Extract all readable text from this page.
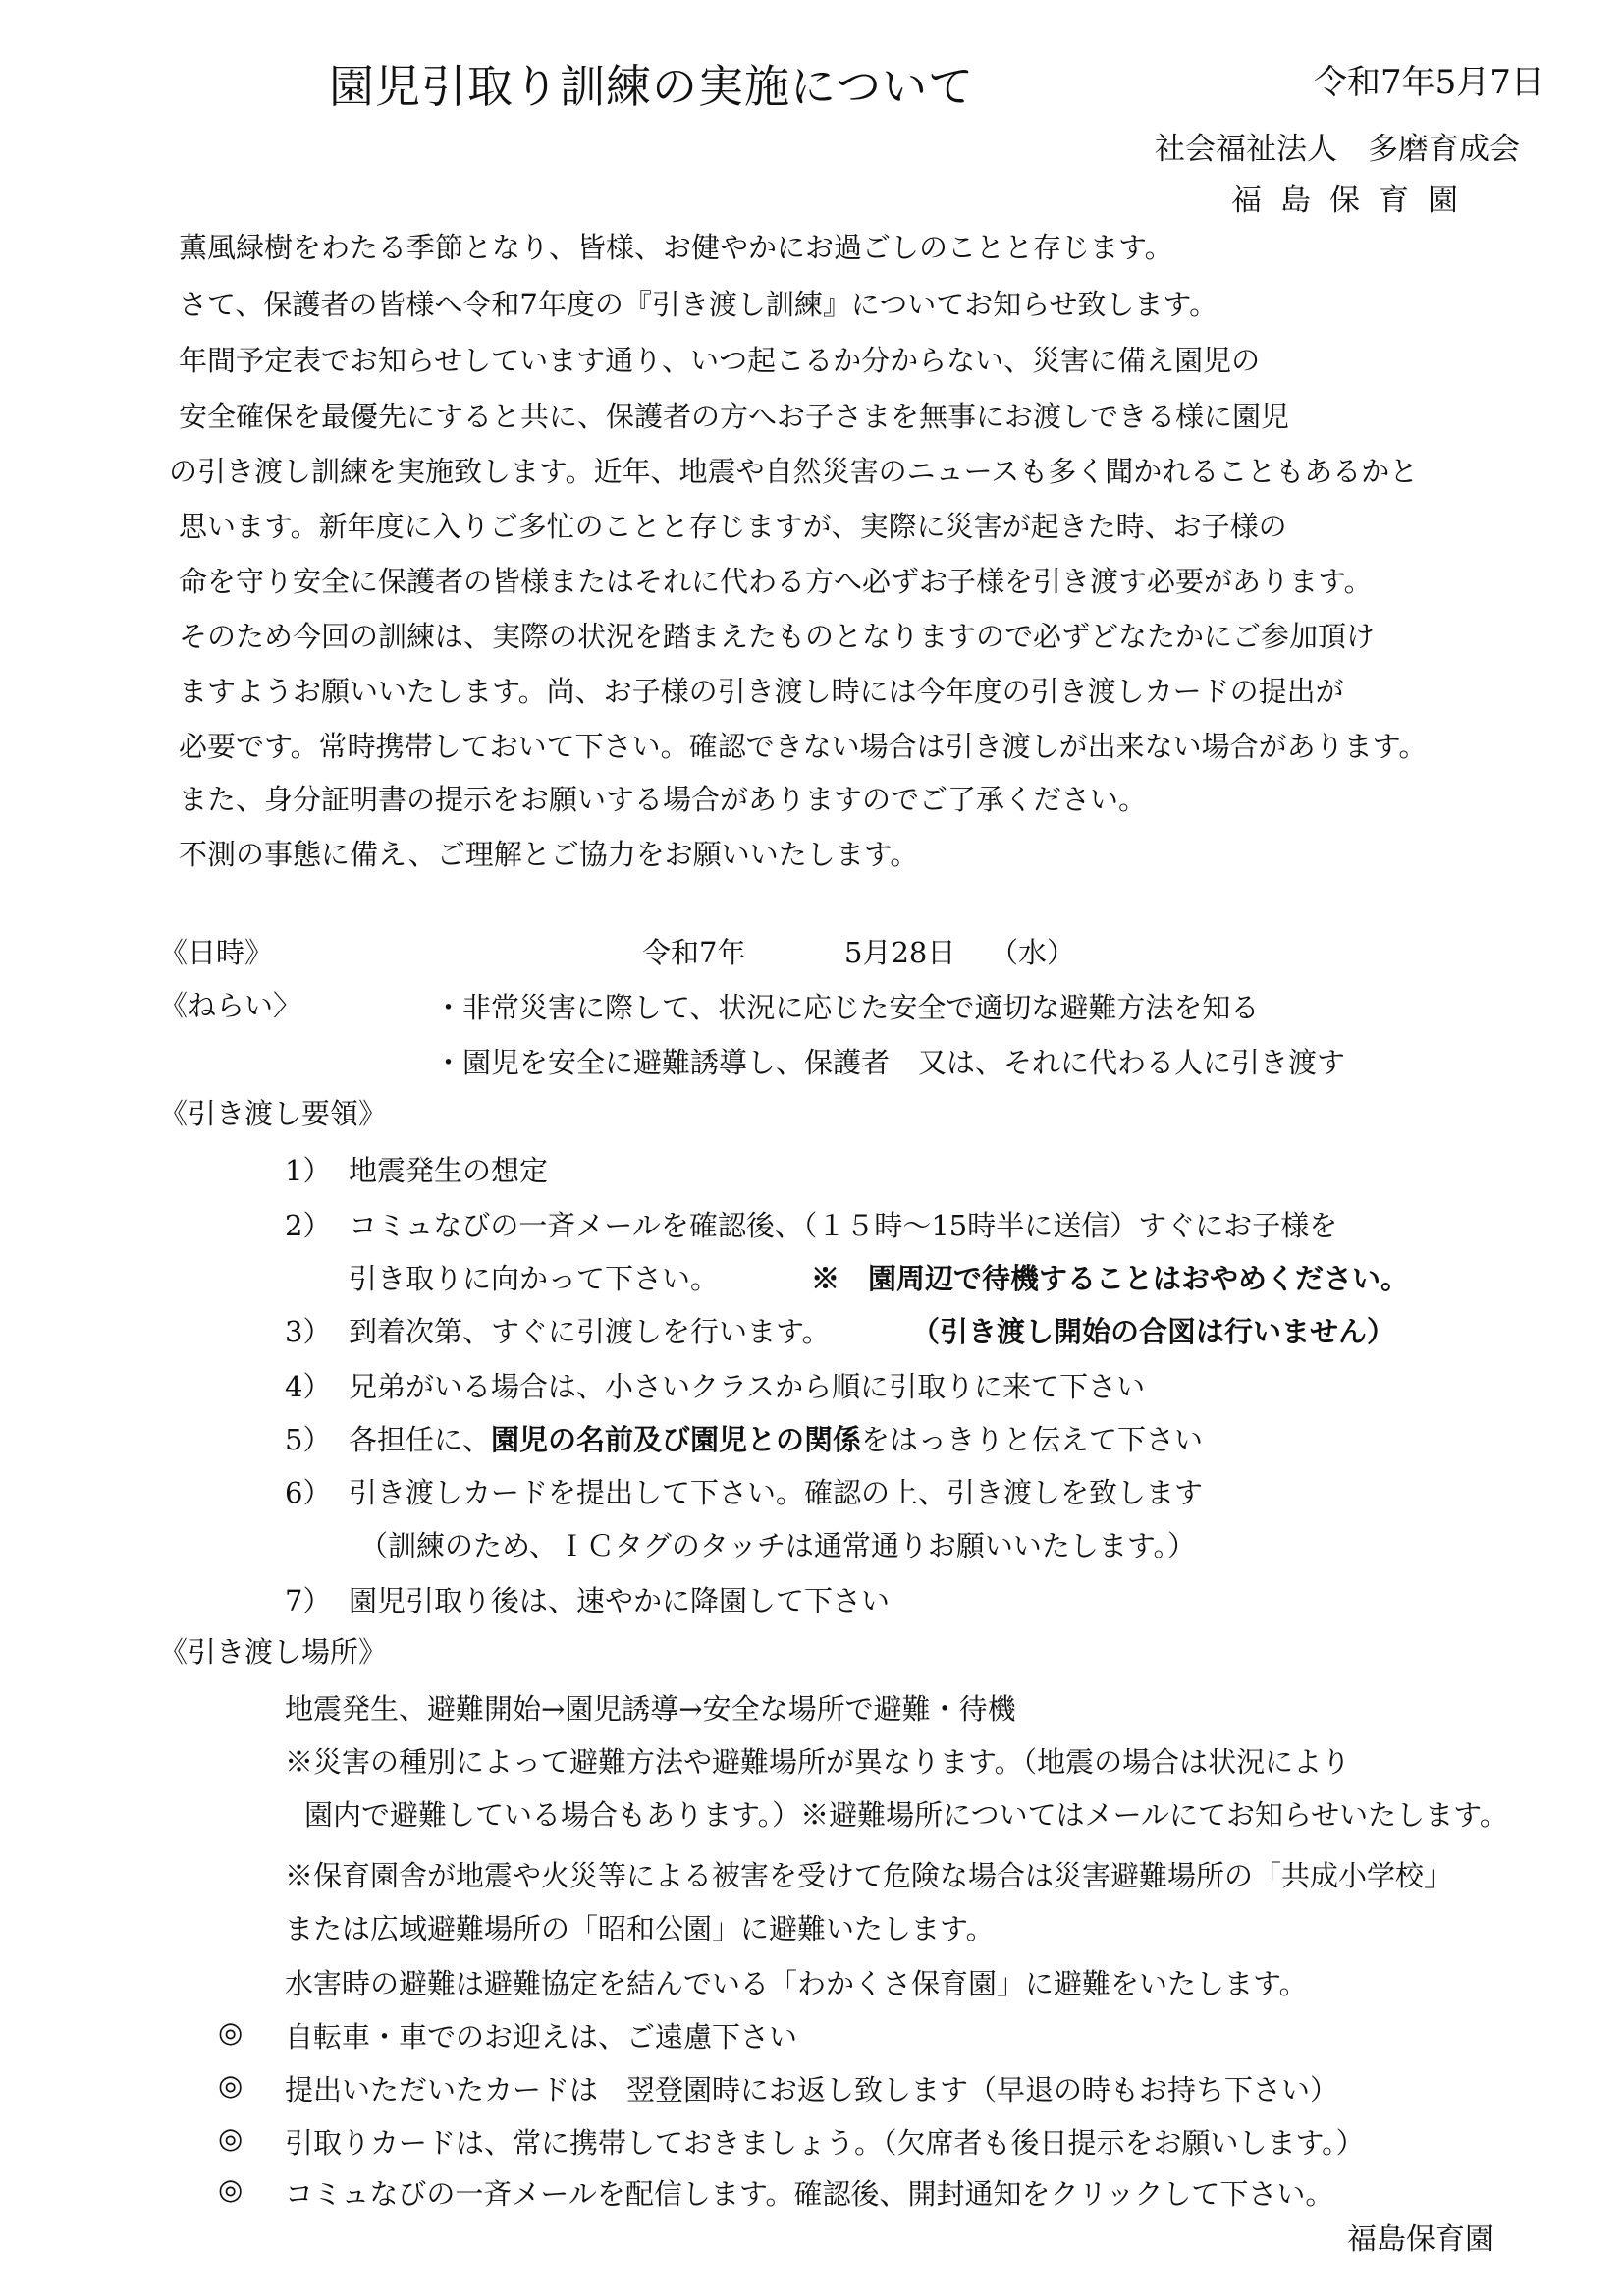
園児引取り訓練の実施について	令和7年5月7日
社会福祉法人　多磨育成会
福島保育園
薫風緑樹をわたる季節となり、皆様、お健やかにお過ごしのことと存じます。
さて、保護者の皆様へ令和7年度の『引き渡し訓練』についてお知らせ致します。
年間予定表でお知らせしています通り、いつ起こるか分からない、災害に備え園児の
安全確保を最優先にすると共に、保護者の方へお子さまを無事にお渡しできる様に園児
の引き渡し訓練を実施致します。近年、地震や自然災害のニュースも多く聞かれることもあるかと
思います。新年度に入りご多忙のことと存じますが、実際に災害が起きた時、お子様の
命を守り安全に保護者の皆様またはそれに代わる方へ必ずお子様を引き渡す必要があります。
そのため今回の訓練は、実際の状況を踏まえたものとなりますので必ずどなたかにご参加頂け
ますようお願いいたします。尚、お子様の引き渡し時には今年度の引き渡しカードの提出が
必要です。常時携帯しておいて下さい。確認できない場合は引き渡しが出来ない場合があります。
また、身分証明書の提示をお願いする場合がありますのでご了承ください。
不測の事態に備え、ご理解とご協力をお願いいたします。
《日時》	令和7年	5月28日 （水）
《ねらい〉	・非常災害に際して、状況に応じた安全で適切な避難方法を知る
・園児を安全に避難誘導し、保護者　又は、それに代わる人に引き渡す
《引き渡し要領》
1） 地震発生の想定
2） コミュなびの一斉メールを確認後、（１５時～15時半に送信）すぐにお子様を
引き取りに向かって下さい。	※　園周辺で待機することはおやめください。
3） 到着次第、すぐに引渡しを行います。	（引き渡し開始の合図は行いません）
4） 兄弟がいる場合は、小さいクラスから順に引取りに来て下さい
5） 各担任に、園児の名前及び園児との関係をはっきりと伝えて下さい
6） 引き渡しカードを提出して下さい。確認の上、引き渡しを致します
（訓練のため、ＩＣタグのタッチは通常通りお願いいたします。）
7） 園児引取り後は、速やかに降園して下さい
《引き渡し場所》
地震発生、避難開始→園児誘導→安全な場所で避難・待機
※災害の種別によって避難方法や避難場所が異なります。（地震の場合は状況により
園内で避難している場合もあります。）※避難場所についてはメールにてお知らせいたします。
※保育園舎が地震や火災等による被害を受けて危険な場合は災害避難場所の「共成小学校」
または広域避難場所の「昭和公園」に避難いたします。
水害時の避難は避難協定を結んでいる「わかくさ保育園」に避難をいたします。
◎ 自転車・車でのお迎えは、ご遠慮下さい
◎ 提出いただいたカードは　翌登園時にお返し致します（早退の時もお持ち下さい）
◎ 引取りカードは、常に携帯しておきましょう。（欠席者も後日提示をお願いします。）
◎ コミュなびの一斉メールを配信します。確認後、開封通知をクリックして下さい。
福島保育園
